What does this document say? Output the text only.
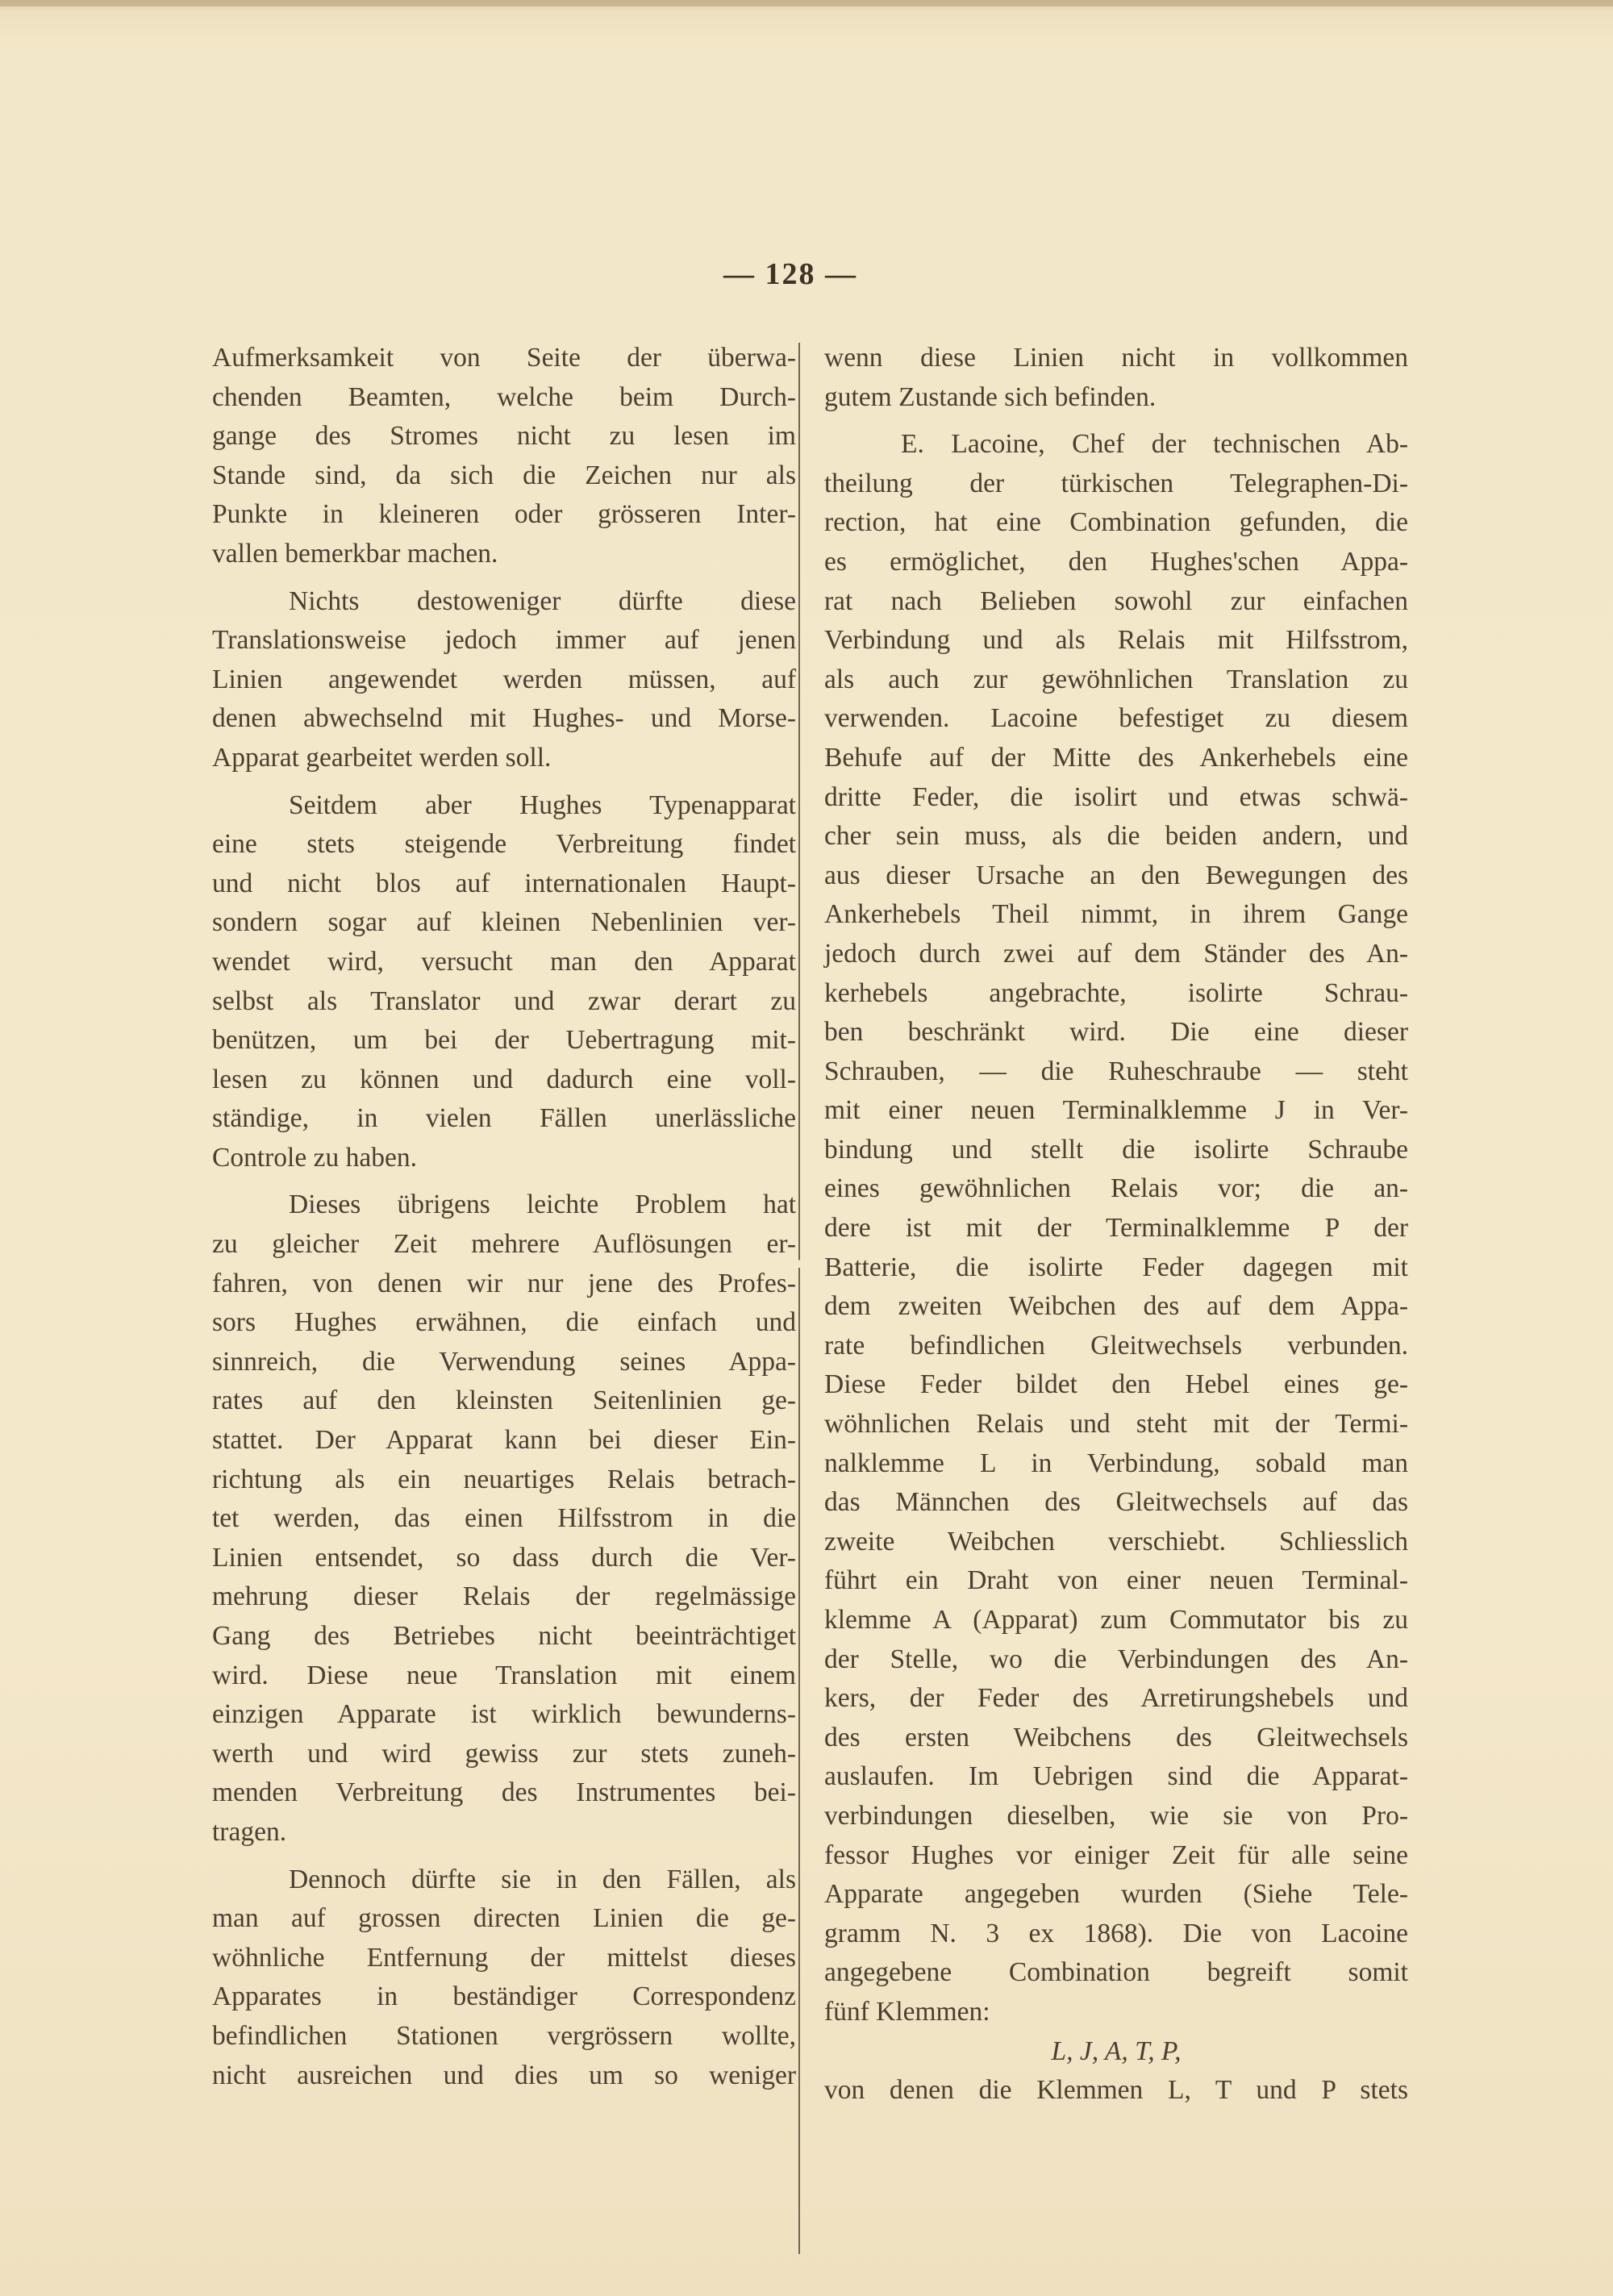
— 128 —
Aufmerksamkeit von Seite der überwa-
chenden Beamten, welche beim Durch-
gange des Stromes nicht zu lesen im
Stande sind, da sich die Zeichen nur als
Punkte in kleineren oder grösseren Inter-
vallen bemerkbar machen.
Nichts destoweniger dürfte diese
Translationsweise jedoch immer auf jenen
Linien angewendet werden müssen, auf
denen abwechselnd mit Hughes- und Morse-
Apparat gearbeitet werden soll.
Seitdem aber Hughes Typenapparat
eine stets steigende Verbreitung findet
und nicht blos auf internationalen Haupt-
sondern sogar auf kleinen Nebenlinien ver-
wendet wird, versucht man den Apparat
selbst als Translator und zwar derart zu
benützen, um bei der Uebertragung mit-
lesen zu können und dadurch eine voll-
ständige, in vielen Fällen unerlässliche
Controle zu haben.
Dieses übrigens leichte Problem hat
zu gleicher Zeit mehrere Auflösungen er-
fahren, von denen wir nur jene des Profes-
sors Hughes erwähnen, die einfach und
sinnreich, die Verwendung seines Appa-
rates auf den kleinsten Seitenlinien ge-
stattet. Der Apparat kann bei dieser Ein-
richtung als ein neuartiges Relais betrach-
tet werden, das einen Hilfsstrom in die
Linien entsendet, so dass durch die Ver-
mehrung dieser Relais der regelmässige
Gang des Betriebes nicht beeinträchtiget
wird. Diese neue Translation mit einem
einzigen Apparate ist wirklich bewunderns-
werth und wird gewiss zur stets zuneh-
menden Verbreitung des Instrumentes bei-
tragen.
Dennoch dürfte sie in den Fällen, als
man auf grossen directen Linien die ge-
wöhnliche Entfernung der mittelst dieses
Apparates in beständiger Correspondenz
befindlichen Stationen vergrössern wollte,
nicht ausreichen und dies um so weniger
wenn diese Linien nicht in vollkommen
gutem Zustande sich befinden.
E. Lacoine, Chef der technischen Ab-
theilung der türkischen Telegraphen-Di-
rection, hat eine Combination gefunden, die
es ermöglichet, den Hughes'schen Appa-
rat nach Belieben sowohl zur einfachen
Verbindung und als Relais mit Hilfsstrom,
als auch zur gewöhnlichen Translation zu
verwenden. Lacoine befestiget zu diesem
Behufe auf der Mitte des Ankerhebels eine
dritte Feder, die isolirt und etwas schwä-
cher sein muss, als die beiden andern, und
aus dieser Ursache an den Bewegungen des
Ankerhebels Theil nimmt, in ihrem Gange
jedoch durch zwei auf dem Ständer des An-
kerhebels angebrachte, isolirte Schrau-
ben beschränkt wird. Die eine dieser
Schrauben, — die Ruheschraube — steht
mit einer neuen Terminalklemme J in Ver-
bindung und stellt die isolirte Schraube
eines gewöhnlichen Relais vor; die an-
dere ist mit der Terminalklemme P der
Batterie, die isolirte Feder dagegen mit
dem zweiten Weibchen des auf dem Appa-
rate befindlichen Gleitwechsels verbunden.
Diese Feder bildet den Hebel eines ge-
wöhnlichen Relais und steht mit der Termi-
nalklemme L in Verbindung, sobald man
das Männchen des Gleitwechsels auf das
zweite Weibchen verschiebt. Schliesslich
führt ein Draht von einer neuen Terminal-
klemme A (Apparat) zum Commutator bis zu
der Stelle, wo die Verbindungen des An-
kers, der Feder des Arretirungshebels und
des ersten Weibchens des Gleitwechsels
auslaufen. Im Uebrigen sind die Apparat-
verbindungen dieselben, wie sie von Pro-
fessor Hughes vor einiger Zeit für alle seine
Apparate angegeben wurden (Siehe Tele-
gramm N. 3 ex 1868). Die von Lacoine
angegebene Combination begreift somit
fünf Klemmen:
L, J, A, T, P,
von denen die Klemmen L, T und P stets
